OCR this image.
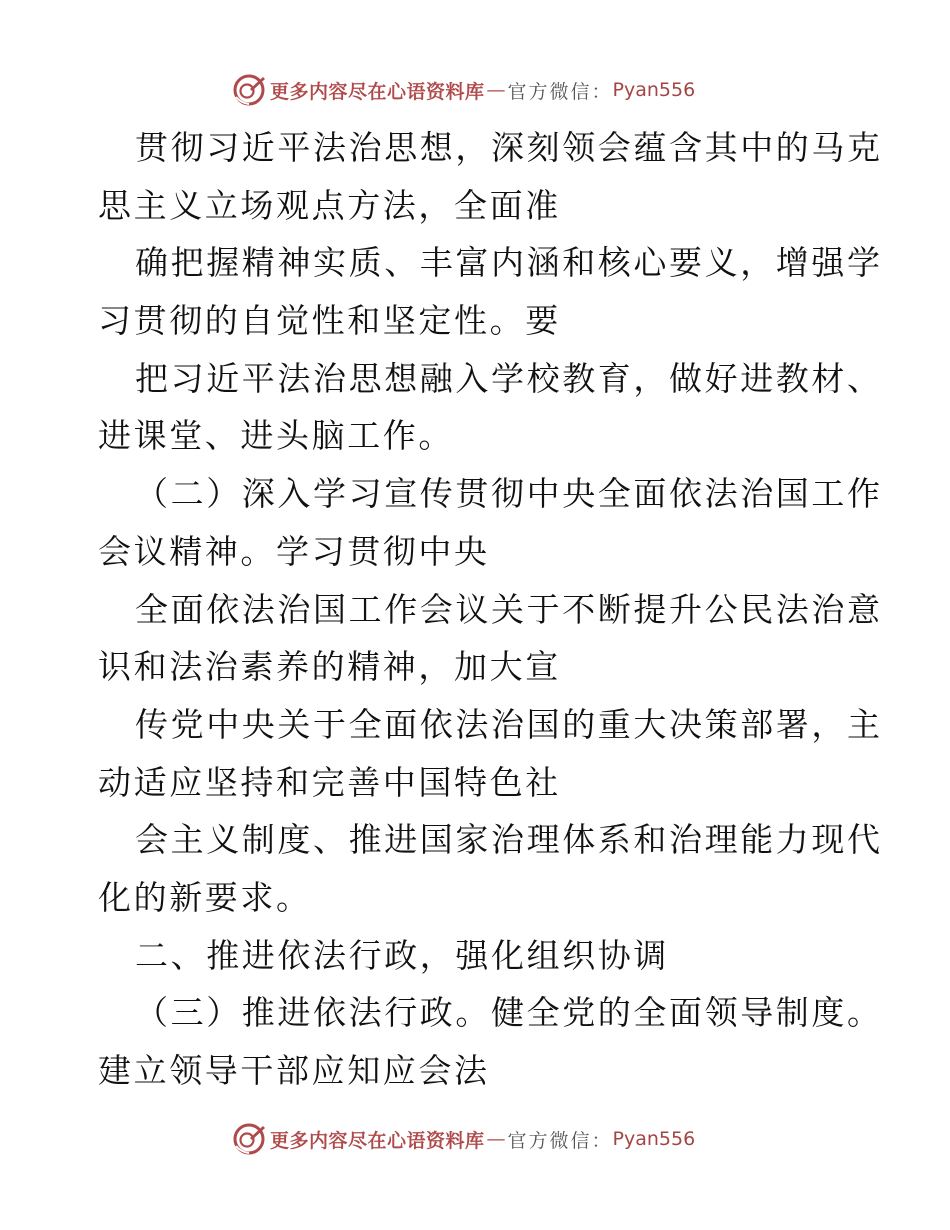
更多内容尽在心语资料库 — 官方微信： Pyan556
贯彻习近平法治思想，深刻领会蕴含其中的马克
思主义立场观点方法，全面准
确把握精神实质、丰富内涵和核心要义，增强学
习贯彻的自觉性和坚定性。要
把习近平法治思想融入学校教育，做好进教材、
进课堂、进头脑工作。
（二）深入学习宣传贯彻中央全面依法治国工作
会议精神。学习贯彻中央
全面依法治国工作会议关于不断提升公民法治意
识和法治素养的精神，加大宣
传党中央关于全面依法治国的重大决策部署，主
动适应坚持和完善中国特色社
会主义制度、推进国家治理体系和治理能力现代
化的新要求。
二、推进依法行政，强化组织协调
（三）推进依法行政。健全党的全面领导制度。
建立领导干部应知应会法
更多内容尽在心语资料库 — 官方微信： Pyan556
